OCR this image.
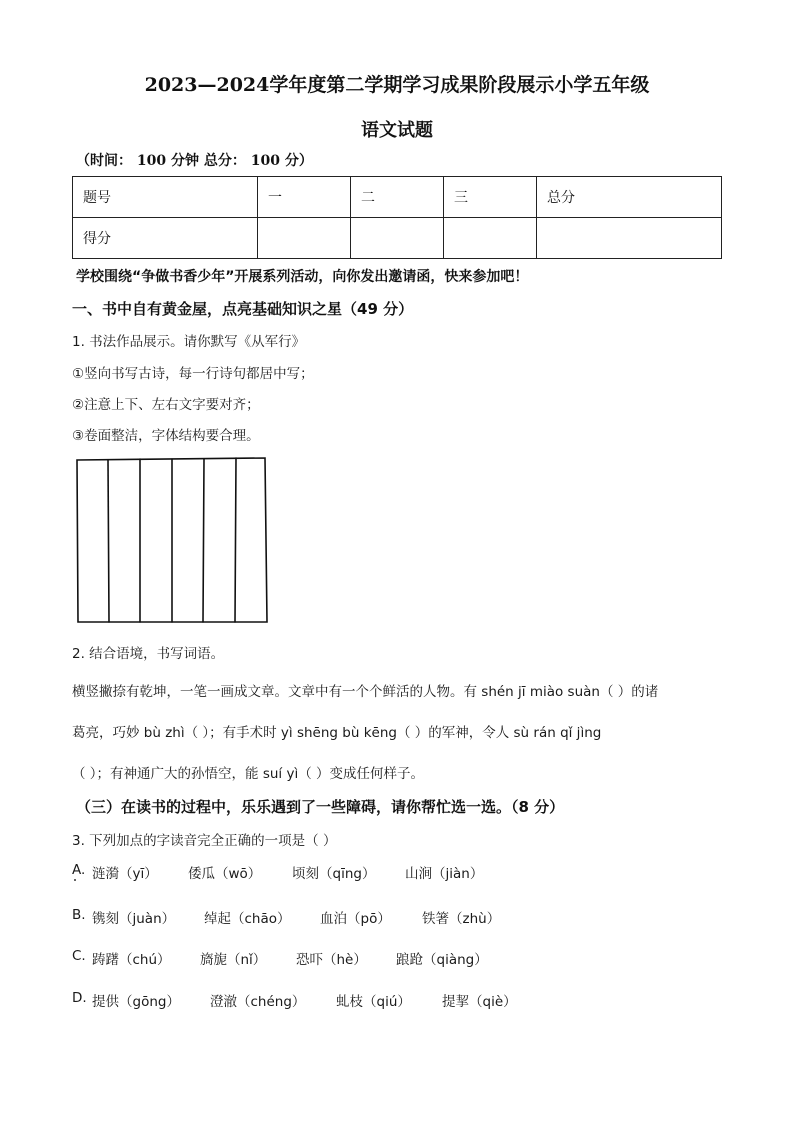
2023—2024学年度第二学期学习成果阶段展示小学五年级
语文试题
（时间： 100 分钟 总分： 100 分）
题号	一	二	三	总分
得分				
学校围绕“争做书香少年”开展系列活动，向你发出邀请函，快来参加吧！
一、书中自有黄金屋，点亮基础知识之星（49 分）
1. 书法作品展示。请你默写《从军行》
①竖向书写古诗，每一行诗句都居中写；
②注意上下、左右文字要对齐；
③卷面整洁，字体结构要合理。
2. 结合语境，书写词语。
横竖撇捺有乾坤，一笔一画成文章。文章中有一个个鲜活的人物。有 shén jī miào suàn（ ）的诸
葛亮，巧妙 bù zhì（ ）；有手术时 yì shēng bù kēng（ ）的军神，令人 sù rán qǐ jìng
（ ）；有神通广大的孙悟空，能 suí yì（ ）变成任何样子。
（三）在读书的过程中，乐乐遇到了一些障碍，请你帮忙选一选。（8 分）
3. 下列加点的字读音完全正确的一项是（ ）
A. 涟漪（yī） 倭瓜（wō） 顷刻（qīng） 山涧（jiàn）
B. 镌刻（juàn） 绰起（chāo） 血泊（pō） 铁箸（zhù）
C. 踌躇（chú） 旖旎（nǐ） 恐吓（hè） 踉跄（qiàng）
D. 提供（gōng） 澄澈（chéng） 虬枝（qiú） 提挈（qiè）
